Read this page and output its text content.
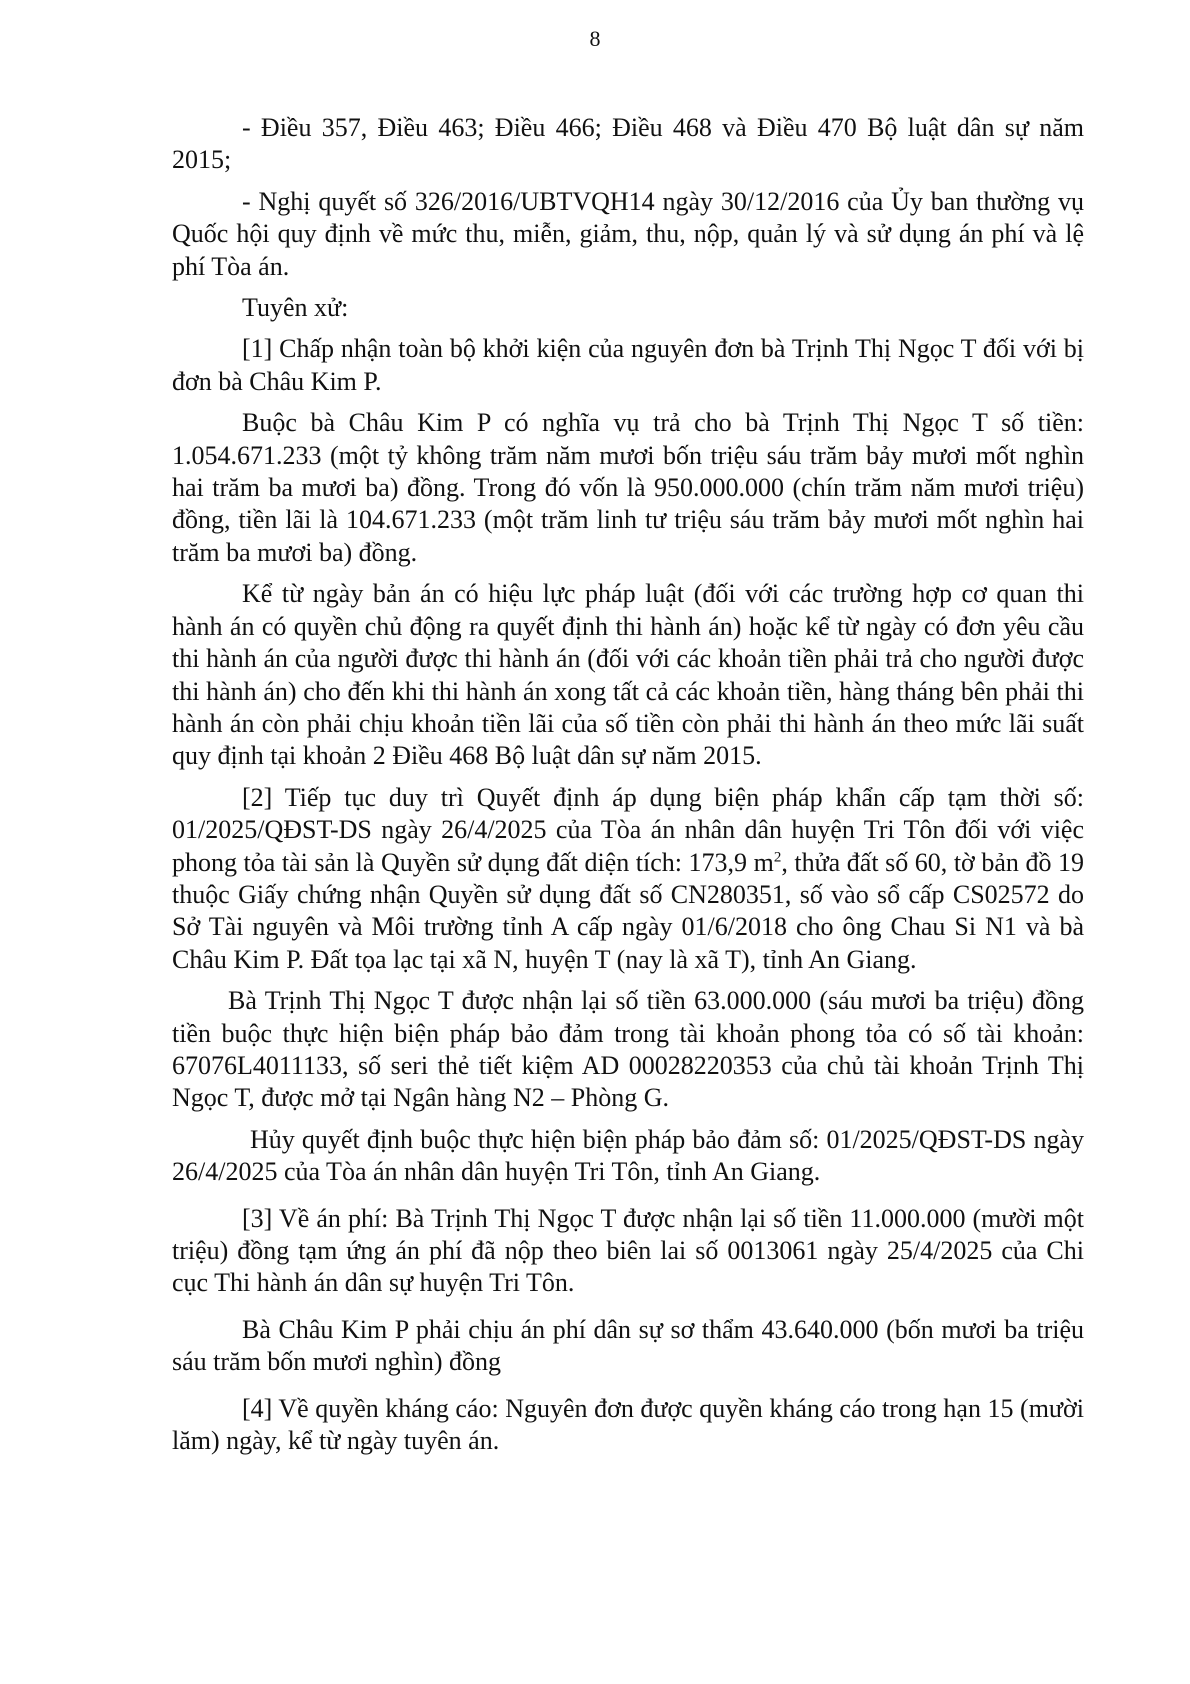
8

- Điều 357, Điều 463; Điều 466; Điều 468 và Điều 470 Bộ luật dân sự năm 2015;

- Nghị quyết số 326/2016/UBTVQH14 ngày 30/12/2016 của Ủy ban thường vụ Quốc hội quy định về mức thu, miễn, giảm, thu, nộp, quản lý và sử dụng án phí và lệ phí Tòa án.

Tuyên xử:

[1] Chấp nhận toàn bộ khởi kiện của nguyên đơn bà Trịnh Thị Ngọc T đối với bị đơn bà Châu Kim P.

Buộc bà Châu Kim P có nghĩa vụ trả cho bà Trịnh Thị Ngọc T số tiền: 1.054.671.233 (một tỷ không trăm năm mươi bốn triệu sáu trăm bảy mươi mốt nghìn hai trăm ba mươi ba) đồng. Trong đó vốn là 950.000.000 (chín trăm năm mươi triệu) đồng, tiền lãi là 104.671.233 (một trăm linh tư triệu sáu trăm bảy mươi mốt nghìn hai trăm ba mươi ba) đồng.

Kể từ ngày bản án có hiệu lực pháp luật (đối với các trường hợp cơ quan thi hành án có quyền chủ động ra quyết định thi hành án) hoặc kể từ ngày có đơn yêu cầu thi hành án của người được thi hành án (đối với các khoản tiền phải trả cho người được thi hành án) cho đến khi thi hành án xong tất cả các khoản tiền, hàng tháng bên phải thi hành án còn phải chịu khoản tiền lãi của số tiền còn phải thi hành án theo mức lãi suất quy định tại khoản 2 Điều 468 Bộ luật dân sự năm 2015.

[2] Tiếp tục duy trì Quyết định áp dụng biện pháp khẩn cấp tạm thời số: 01/2025/QĐST-DS ngày 26/4/2025 của Tòa án nhân dân huyện Tri Tôn đối với việc phong tỏa tài sản là Quyền sử dụng đất diện tích: 173,9 $m^2$, thửa đất số 60, tờ bản đồ 19 thuộc Giấy chứng nhận Quyền sử dụng đất số CN280351, số vào sổ cấp CS02572 do Sở Tài nguyên và Môi trường tỉnh A cấp ngày 01/6/2018 cho ông Chau Si N1 và bà Châu Kim P. Đất tọa lạc tại xã N, huyện T (nay là xã T), tỉnh An Giang.

Bà Trịnh Thị Ngọc T được nhận lại số tiền 63.000.000 (sáu mươi ba triệu) đồng tiền buộc thực hiện biện pháp bảo đảm trong tài khoản phong tỏa có số tài khoản: 67076L4011133, số seri thẻ tiết kiệm AD 00028220353 của chủ tài khoản Trịnh Thị Ngọc T, được mở tại Ngân hàng N2 – Phòng G.

Hủy quyết định buộc thực hiện biện pháp bảo đảm số: 01/2025/QĐST-DS ngày 26/4/2025 của Tòa án nhân dân huyện Tri Tôn, tỉnh An Giang.

[3] Về án phí: Bà Trịnh Thị Ngọc T được nhận lại số tiền 11.000.000 (mười một triệu) đồng tạm ứng án phí đã nộp theo biên lai số 0013061 ngày 25/4/2025 của Chi cục Thi hành án dân sự huyện Tri Tôn.

Bà Châu Kim P phải chịu án phí dân sự sơ thẩm 43.640.000 (bốn mươi ba triệu sáu trăm bốn mươi nghìn) đồng

[4] Về quyền kháng cáo: Nguyên đơn được quyền kháng cáo trong hạn 15 (mười lăm) ngày, kể từ ngày tuyên án.
